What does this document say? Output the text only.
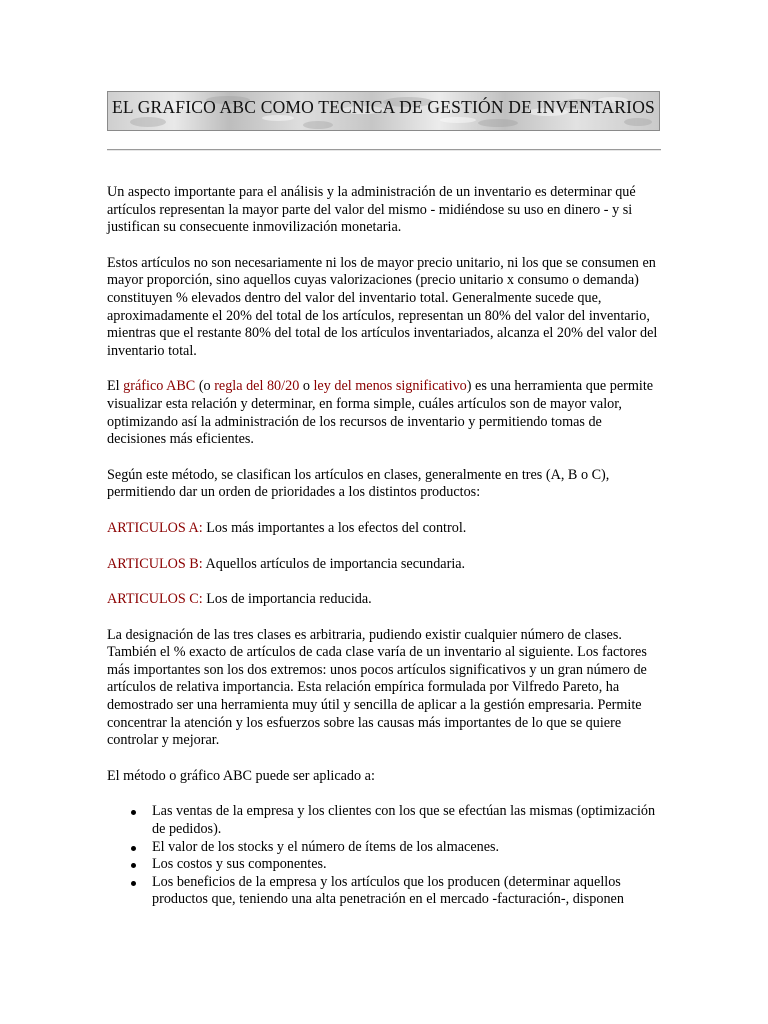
EL GRAFICO ABC COMO TECNICA DE GESTIÓN DE INVENTARIOS

Un aspecto importante para el análisis y la administración de un inventario es determinar qué artículos representan la mayor parte del valor del mismo - midiéndose su uso en dinero - y si justifican su consecuente inmovilización monetaria.

Estos artículos no son necesariamente ni los de mayor precio unitario, ni los que se consumen en mayor proporción, sino aquellos cuyas valorizaciones (precio unitario x consumo o demanda) constituyen % elevados dentro del valor del inventario total. Generalmente sucede que, aproximadamente el 20% del total de los artículos, representan un 80% del valor del inventario, mientras que el restante 80% del total de los artículos inventariados, alcanza el 20% del valor del inventario total.

El gráfico ABC (o regla del 80/20 o ley del menos significativo) es una herramienta que permite visualizar esta relación y determinar, en forma simple, cuáles artículos son de mayor valor, optimizando así la administración de los recursos de inventario y permitiendo tomas de decisiones más eficientes.

Según este método, se clasifican los artículos en clases, generalmente en tres (A, B o C), permitiendo dar un orden de prioridades a los distintos productos:

ARTICULOS A: Los más importantes a los efectos del control.

ARTICULOS B: Aquellos artículos de importancia secundaria.

ARTICULOS C: Los de importancia reducida.

La designación de las tres clases es arbitraria, pudiendo existir cualquier número de clases. También el % exacto de artículos de cada clase varía de un inventario al siguiente. Los factores más importantes son los dos extremos: unos pocos artículos significativos y un gran número de artículos de relativa importancia. Esta relación empírica formulada por Vilfredo Pareto, ha demostrado ser una herramienta muy útil y sencilla de aplicar a la gestión empresaria. Permite concentrar la atención y los esfuerzos sobre las causas más importantes de lo que se quiere controlar y mejorar.

El método o gráfico ABC puede ser aplicado a:

Las ventas de la empresa y los clientes con los que se efectúan las mismas (optimización de pedidos).
El valor de los stocks y el número de ítems de los almacenes.
Los costos y sus componentes.
Los beneficios de la empresa y los artículos que los producen (determinar aquellos productos que, teniendo una alta penetración en el mercado -facturación-, disponen
